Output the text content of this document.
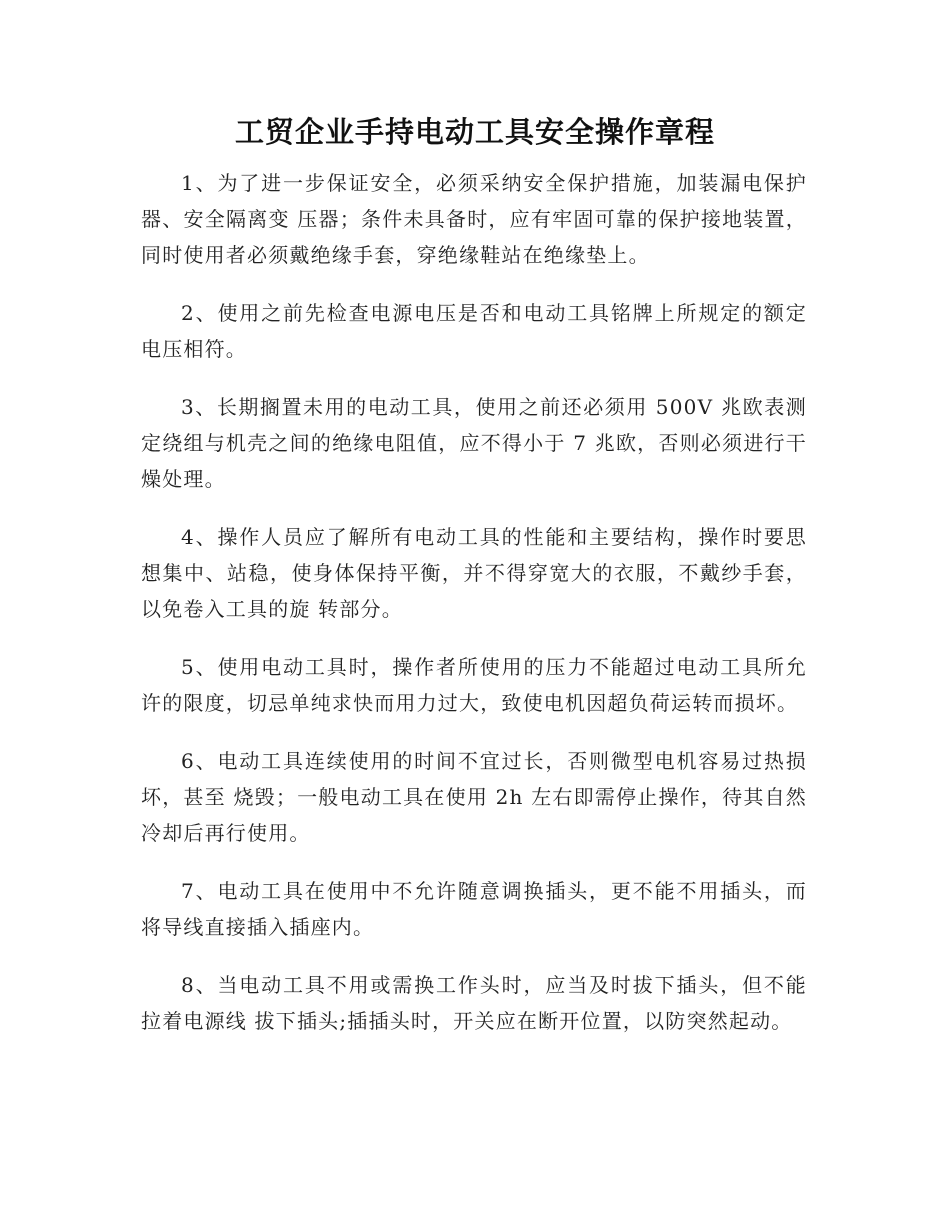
工贸企业手持电动工具安全操作章程

1、为了进一步保证安全，必须采纳安全保护措施，加装漏电保护器、安全隔离变 压器；条件未具备时，应有牢固可靠的保护接地装置，同时使用者必须戴绝缘手套，穿绝缘鞋站在绝缘垫上。

2、使用之前先检查电源电压是否和电动工具铭牌上所规定的额定电压相符。

3、长期搁置未用的电动工具，使用之前还必须用 500V 兆欧表测定绕组与机壳之间的绝缘电阻值，应不得小于 7 兆欧，否则必须进行干燥处理。

4、操作人员应了解所有电动工具的性能和主要结构，操作时要思想集中、站稳，使身体保持平衡，并不得穿宽大的衣服，不戴纱手套，以免卷入工具的旋 转部分。

5、使用电动工具时，操作者所使用的压力不能超过电动工具所允许的限度，切忌单纯求快而用力过大，致使电机因超负荷运转而损坏。

6、电动工具连续使用的时间不宜过长，否则微型电机容易过热损坏，甚至 烧毁；一般电动工具在使用 2h 左右即需停止操作，待其自然冷却后再行使用。

7、电动工具在使用中不允许随意调换插头，更不能不用插头，而将导线直接插入插座内。

8、当电动工具不用或需换工作头时，应当及时拔下插头，但不能拉着电源线 拔下插头;插插头时，开关应在断开位置，以防突然起动。
